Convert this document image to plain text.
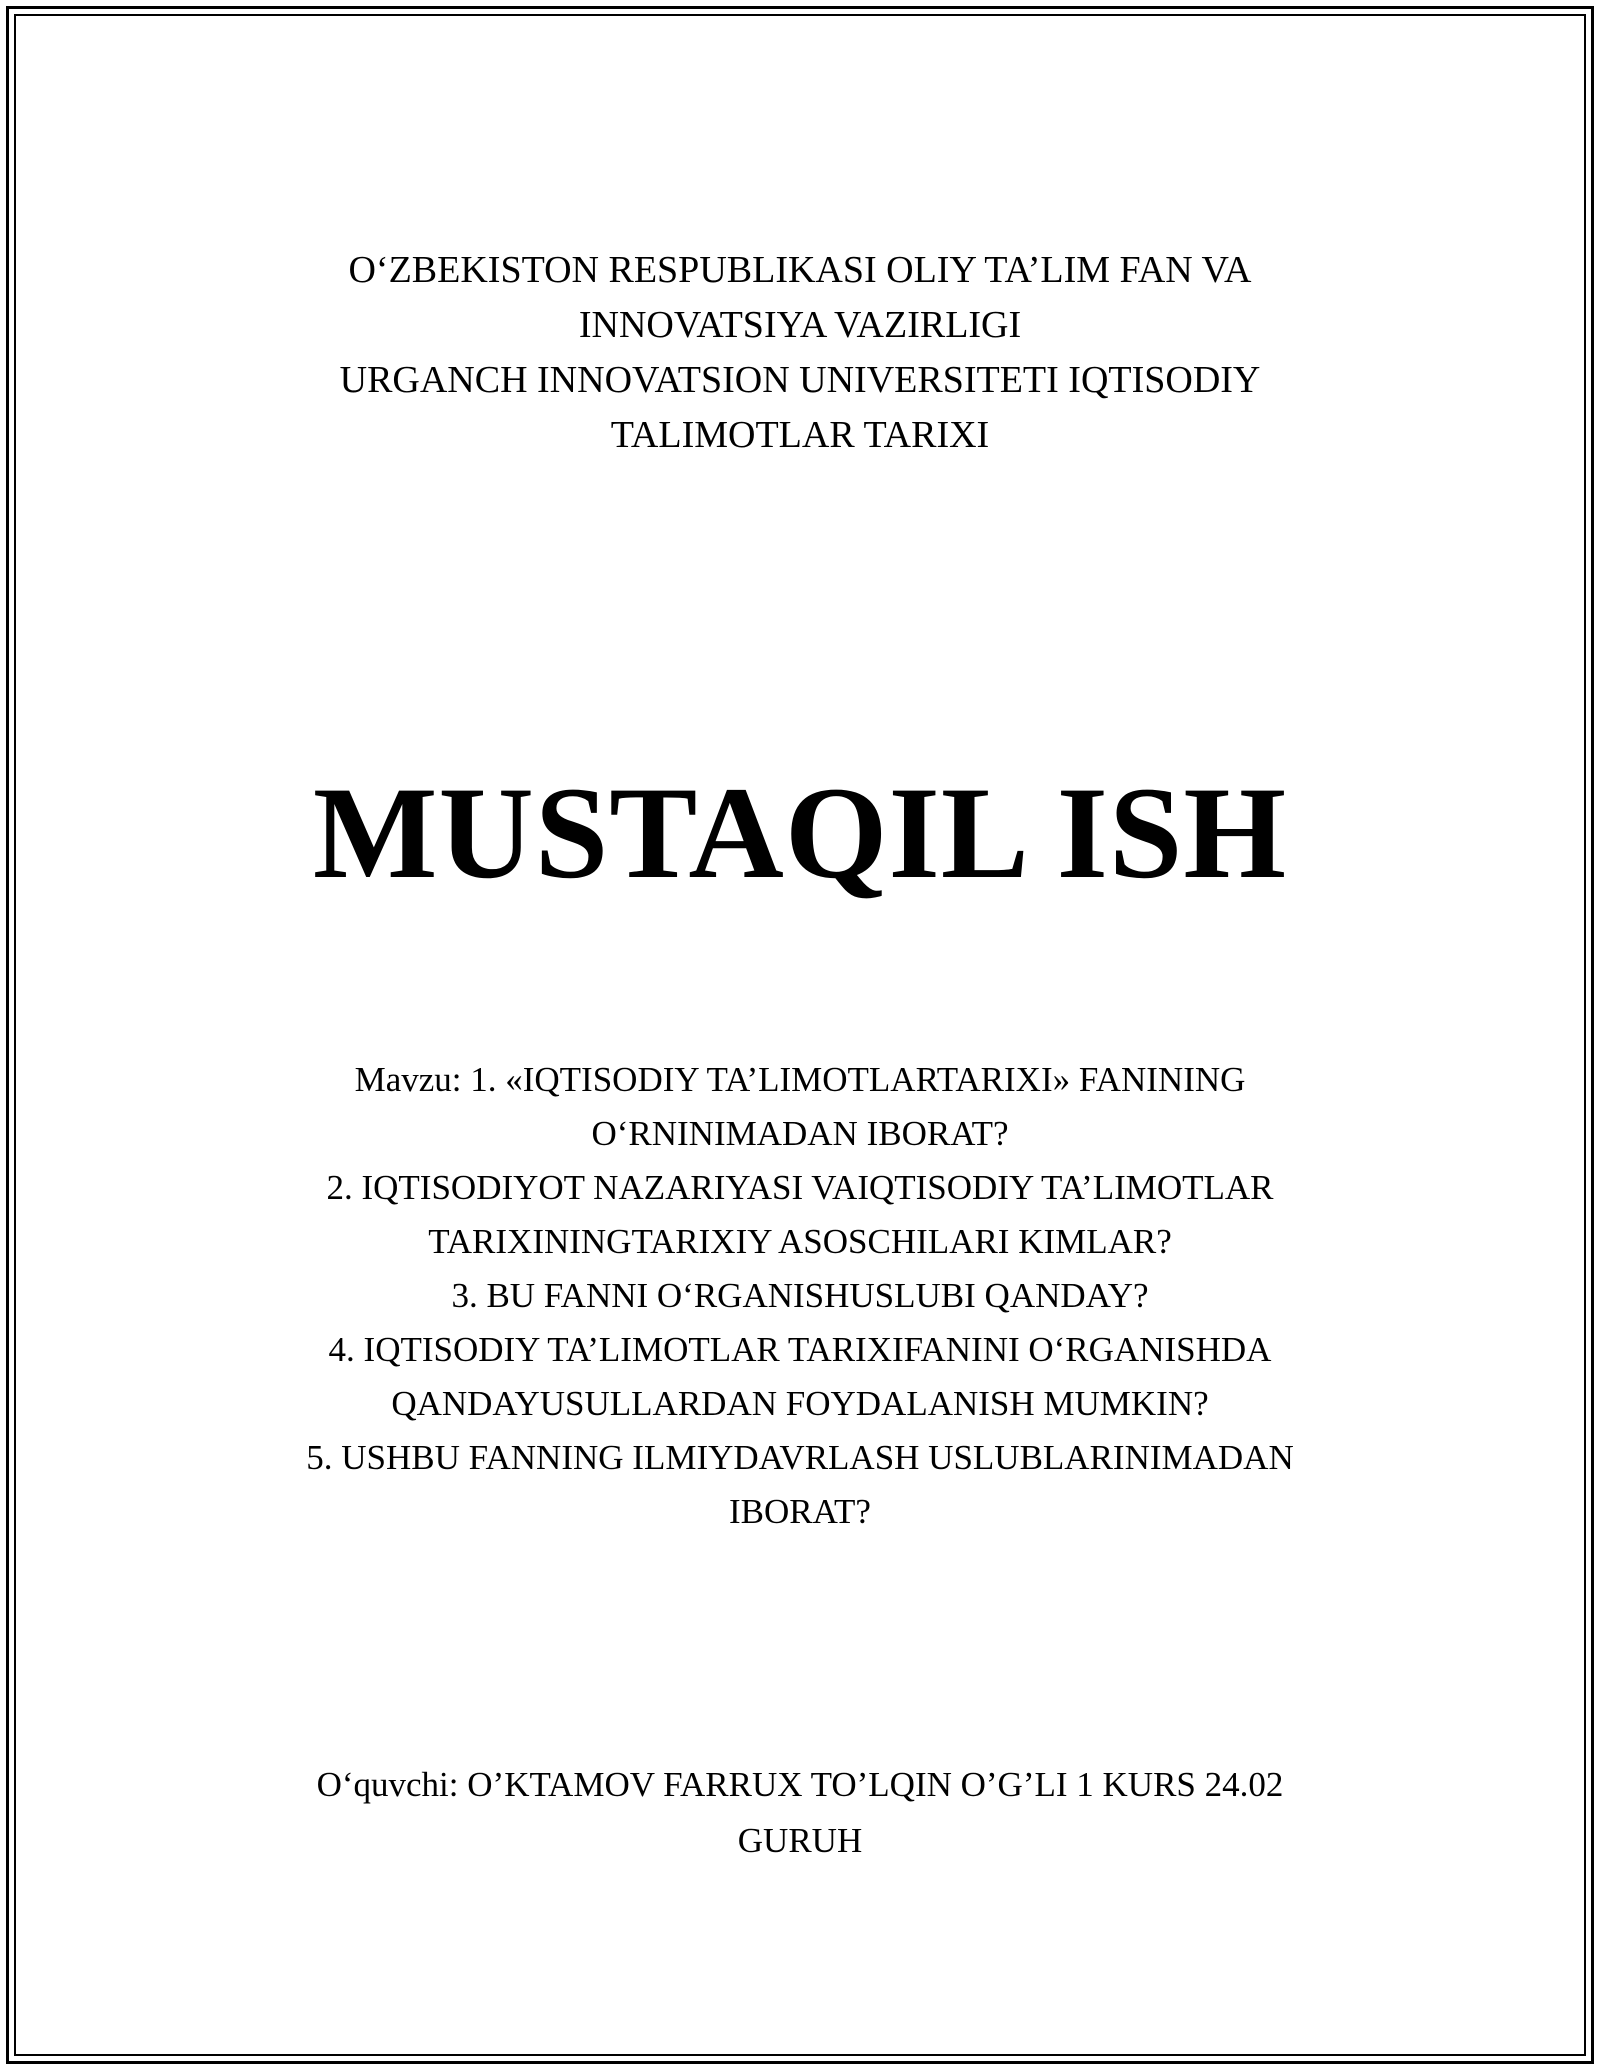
O‘ZBEKISTON RESPUBLIKASI OLIY TA’LIM FAN VA
INNOVATSIYA VAZIRLIGI
URGANCH INNOVATSION UNIVERSITETI IQTISODIY
TALIMOTLAR TARIXI
MUSTAQIL ISH
Mavzu: 1. «IQTISODIY TA’LIMOTLARTARIXI» FANINING
O‘RNINIMADAN IBORAT?
2. IQTISODIYOT NAZARIYASI VAIQTISODIY TA’LIMOTLAR
TARIXININGTARIXIY ASOSCHILARI KIMLAR?
3. BU FANNI O‘RGANISHUSLUBI QANDAY?
4. IQTISODIY TA’LIMOTLAR TARIXIFANINI O‘RGANISHDA
QANDAYUSULLARDAN FOYDALANISH MUMKIN?
5. USHBU FANNING ILMIYDAVRLASH USLUBLARINIMADAN
IBORAT?
O‘quvchi: O’KTAMOV FARRUX TO’LQIN O’G’LI 1 KURS 24.02
GURUH
